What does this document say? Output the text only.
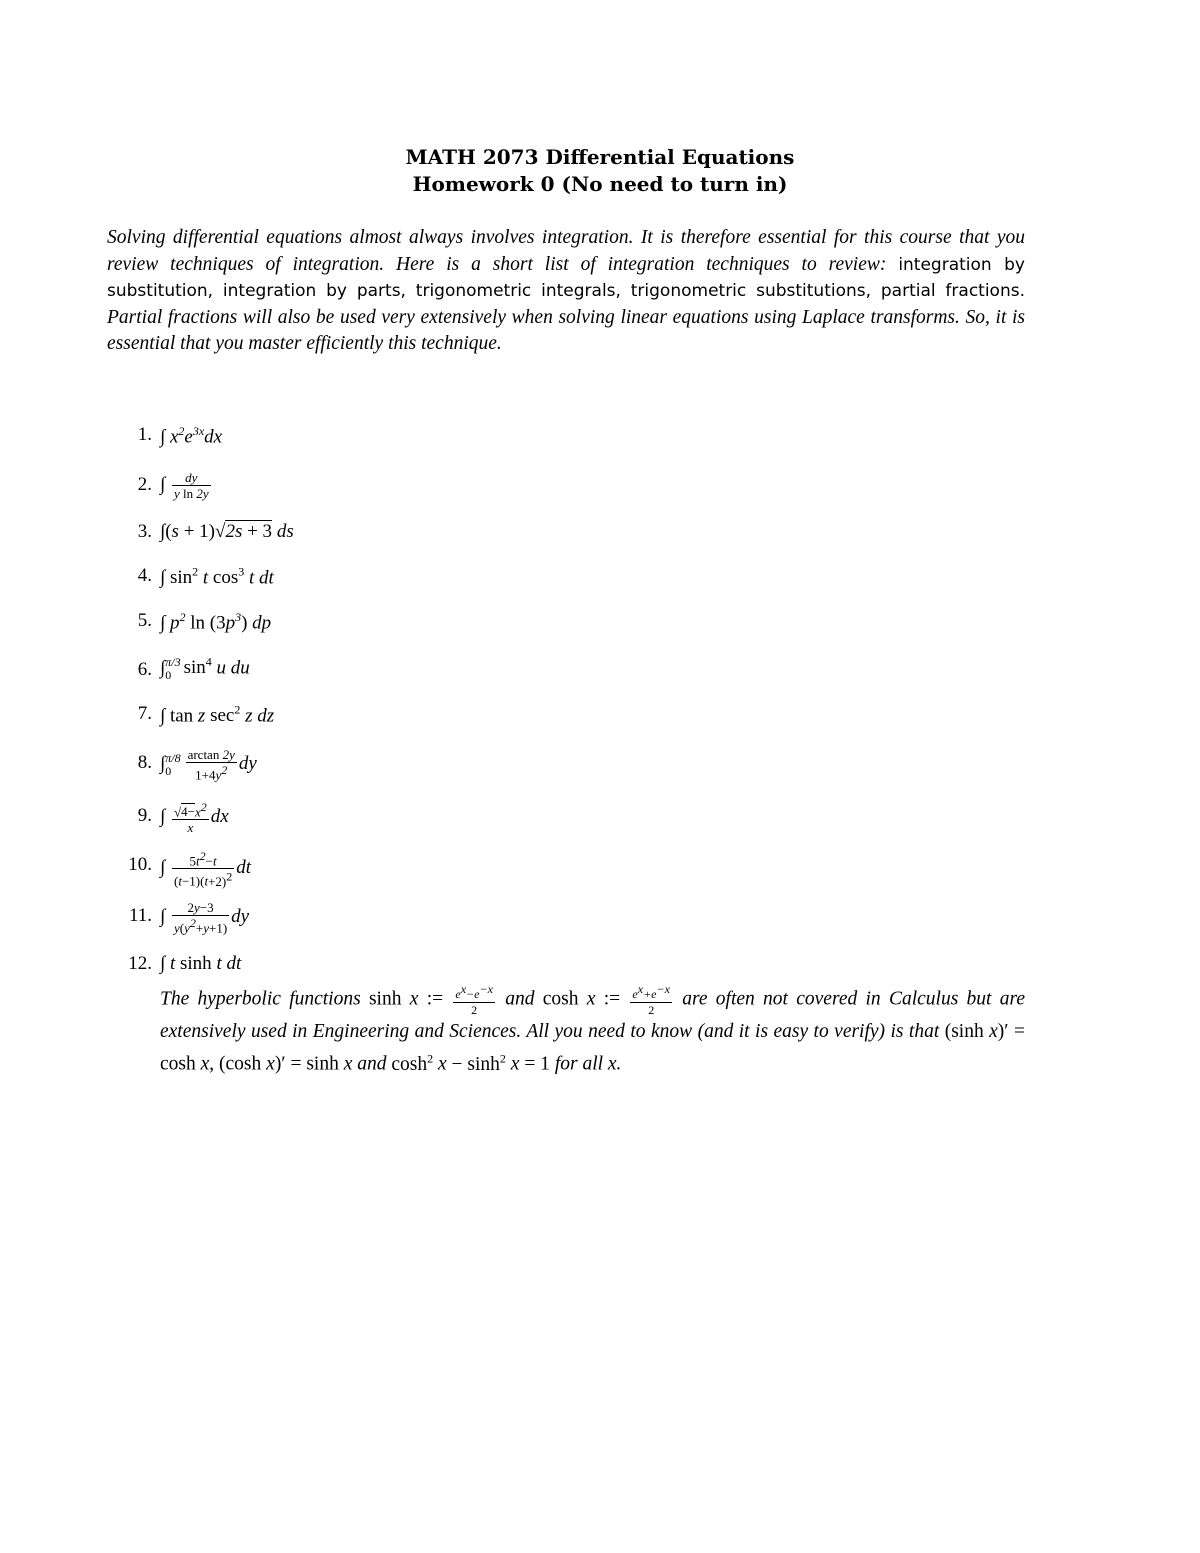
MATH 2073 Differential Equations
Homework 0 (No need to turn in)
Solving differential equations almost always involves integration. It is therefore essential for this course that you review techniques of integration. Here is a short list of integration techniques to review: integration by substitution, integration by parts, trigonometric integrals, trigonometric substitutions, partial fractions. Partial fractions will also be used very extensively when solving linear equations using Laplace transforms. So, it is essential that you master efficiently this technique.
1. ∫ $x^2e^{3x}dx$
2. ∫ $\frac{dy}{\text{y ln 2y}}$
3. ∫(s + 1)√2s + 3 ds
4. ∫ $\sin^2 t$ $\cos^3 t$ dt
5. ∫ $p^2$ $\ln (3p^3)$ dp
6. ∫ π/3
0 $\sin^4 u$ du
7. ∫ tan z $\sec^2 z$ dz
8. ∫ π/8
0	$\frac{\arctan 2y}{1+4y^2}$ dy
9. ∫ $\frac{√4-x^2}{x}$ dx
10. ∫ $\frac{5t^2-t}{(t-1)(t+2)^2}$ dt
11. ∫ $\frac{2y-3}{y(y^2+y+1)}$ dy
12. ∫ t sinh t dt
The hyperbolic functions sinh x := $\frac{e^x-e^{-x}}{2}$ and cosh x := $\frac{e^x+e^{-x}}{2}$ are often not covered in Calculus but are extensively used in Engineering and Sciences. All you need to know (and it is easy to verify) is that (sinh x)′ = cosh x, (cosh x)′ = sinh x and $\cosh^2 x - \sinh^2 x = 1$ for all x.
